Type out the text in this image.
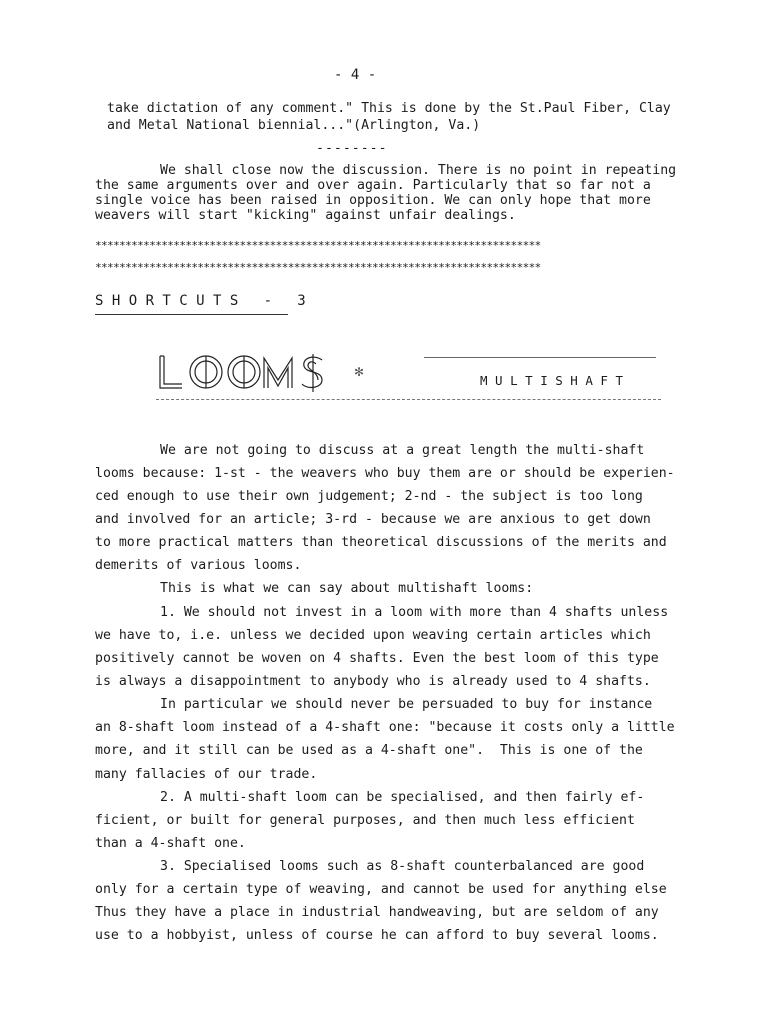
- 4 -
take dictation of any comment." This is done by the St.Paul Fiber, Clay
and Metal National biennial..."(Arlington, Va.)
--------
We shall close now the discussion. There is no point in repeating
the same arguments over and over again. Particularly that so far not a
single voice has been raised in opposition. We can only hope that more
weavers will start "kicking" against unfair dealings.
**************************************************************************
**************************************************************************
S H O R T C U T S   -   3
✻
M U L T I S H A F T
We are not going to discuss at a great length the multi-shaft
looms because: 1-st - the weavers who buy them are or should be experien-
ced enough to use their own judgement; 2-nd - the subject is too long
and involved for an article; 3-rd - because we are anxious to get down
to more practical matters than theoretical discussions of the merits and
demerits of various looms.
This is what we can say about multishaft looms:
1. We should not invest in a loom with more than 4 shafts unless
we have to, i.e. unless we decided upon weaving certain articles which
positively cannot be woven on 4 shafts. Even the best loom of this type
is always a disappointment to anybody who is already used to 4 shafts.
In particular we should never be persuaded to buy for instance
an 8-shaft loom instead of a 4-shaft one: "because it costs only a little
more, and it still can be used as a 4-shaft one".  This is one of the
many fallacies of our trade.
2. A multi-shaft loom can be specialised, and then fairly ef-
ficient, or built for general purposes, and then much less efficient
than a 4-shaft one.
3. Specialised looms such as 8-shaft counterbalanced are good
only for a certain type of weaving, and cannot be used for anything else
Thus they have a place in industrial handweaving, but are seldom of any
use to a hobbyist, unless of course he can afford to buy several looms.
